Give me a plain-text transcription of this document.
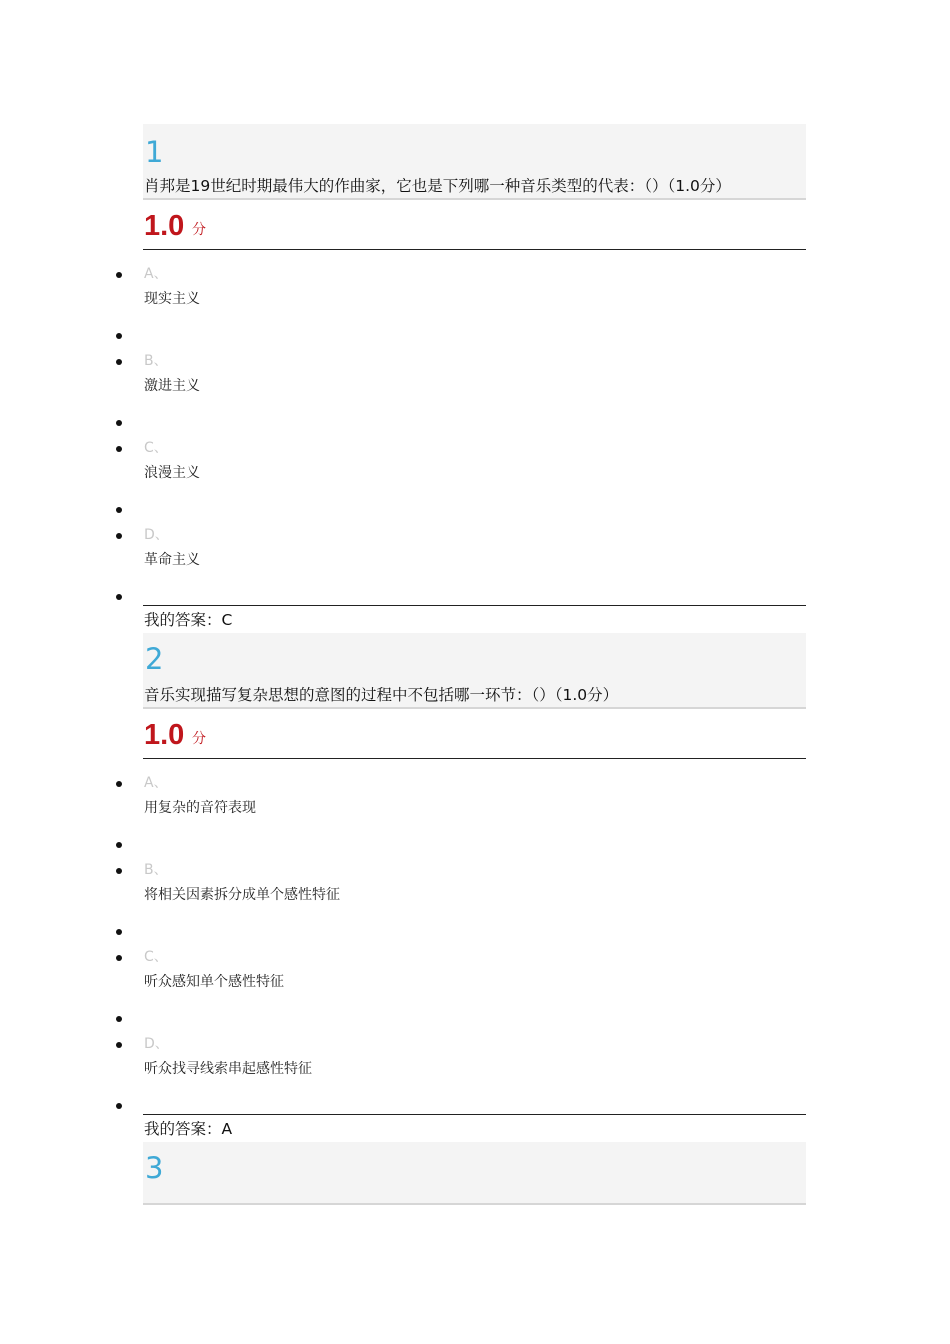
1
肖邦是19世纪时期最伟大的作曲家，它也是下列哪一种音乐类型的代表：（）（1.0分）
1.0 分
A、
现实主义
B、
激进主义
C、
浪漫主义
D、
革命主义
我的答案：C
2
音乐实现描写复杂思想的意图的过程中不包括哪一环节：（）（1.0分）
1.0 分
A、
用复杂的音符表现
B、
将相关因素拆分成单个感性特征
C、
听众感知单个感性特征
D、
听众找寻线索串起感性特征
我的答案：A
3
